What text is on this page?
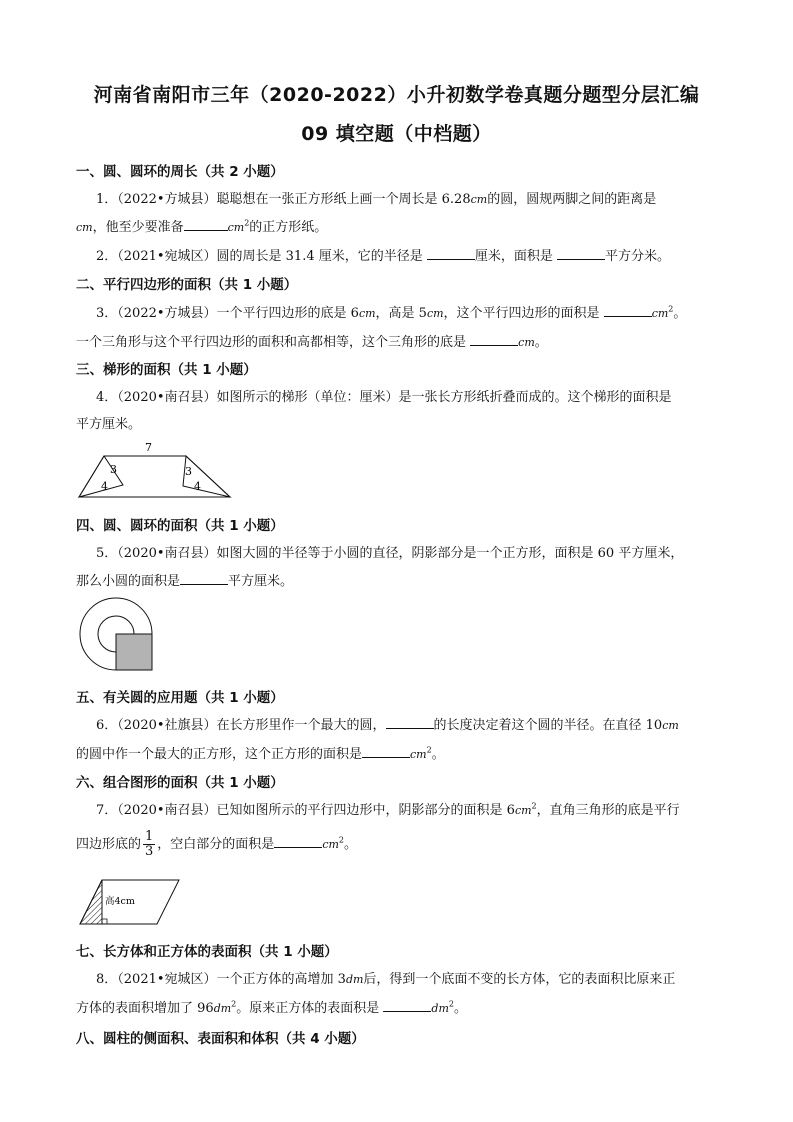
河南省南阳市三年（2020-2022）小升初数学卷真题分题型分层汇编
09 填空题（中档题）
一、圆、圆环的周长（共 2 小题）
1．（2022•方城县）聪聪想在一张正方形纸上画一个周长是 6.28cm的圆，圆规两脚之间的距离是
cm，他至少要准备	$cm^2$的正方形纸。
2．（2021•宛城区）圆的周长是 31.4 厘米，它的半径是	厘米，面积是	平方分米。
二、平行四边形的面积（共 1 小题）
3．（2022•方城县）一个平行四边形的底是 6cm，高是 5cm，这个平行四边形的面积是	$cm^2$。
一个三角形与这个平行四边形的面积和高都相等，这个三角形的底是	cm。
三、梯形的面积（共 1 小题）
4．（2020•南召县）如图所示的梯形（单位：厘米）是一张长方形纸折叠而成的。这个梯形的面积是
平方厘米。
7
3
4
3
4
四、圆、圆环的面积（共 1 小题）
5．（2020•南召县）如图大圆的半径等于小圆的直径，阴影部分是一个正方形，面积是 60 平方厘米，
那么小圆的面积是	平方厘米。
五、有关圆的应用题（共 1 小题）
6．（2020•社旗县）在长方形里作一个最大的圆，	的长度决定着这个圆的半径。在直径 10cm
的圆中作一个最大的正方形，这个正方形的面积是	$cm^2$。
六、组合图形的面积（共 1 小题）
7．（2020•南召县）已知如图所示的平行四边形中，阴影部分的面积是 $6cm^2$，直角三角形的底是平行
四边形底的 $\frac{1}{3}$ ，空白部分的面积是	$cm^2$。
高4cm
七、长方体和正方体的表面积（共 1 小题）
8．（2021•宛城区）一个正方体的高增加 3dm后，得到一个底面不变的长方体，它的表面积比原来正
方体的表面积增加了 $96dm^2$。原来正方体的表面积是	$dm^2$。
八、圆柱的侧面积、表面积和体积（共 4 小题）
